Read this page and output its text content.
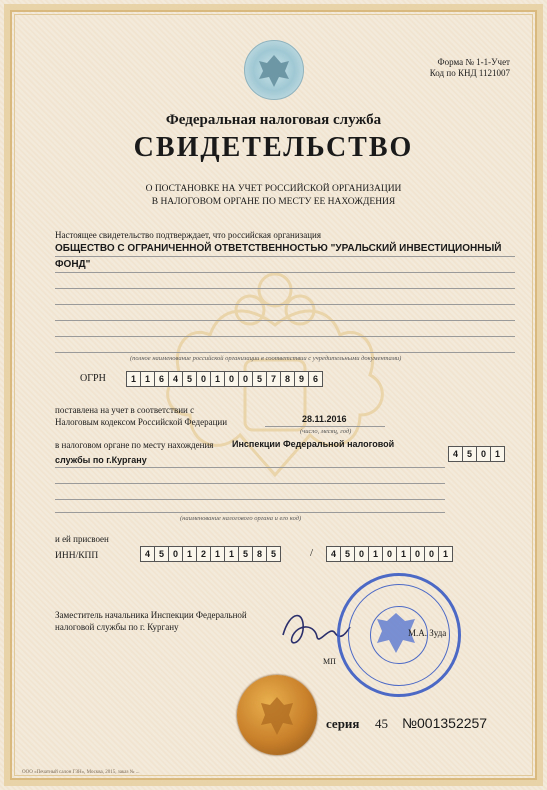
Форма № 1-1-Учет
Код по КНД 1121007
Федеральная налоговая служба
СВИДЕТЕЛЬСТВО
О ПОСТАНОВКЕ НА УЧЕТ РОССИЙСКОЙ ОРГАНИЗАЦИИ
В НАЛОГОВОМ ОРГАНЕ ПО МЕСТУ ЕЕ НАХОЖДЕНИЯ
Настоящее свидетельство подтверждает, что российская организация
ОБЩЕСТВО С ОГРАНИЧЕННОЙ ОТВЕТСТВЕННОСТЬЮ "УРАЛЬСКИЙ ИНВЕСТИЦИОННЫЙ
ФОНД"
(полное наименование российской организации в соответствии с учредительными документами)
ОГРН	1 1 6 4 5 0 1 0 0 5 7 8 9 6
поставлена на учет в соответствии с
Налоговым кодексом Российской Федерации	28.11.2016
(число, месяц, год)
в налоговом органе по месту нахождения Инспекции Федеральной налоговой
службы по г.Кургану
4 5 0 1
(наименование налогового органа и его код)
и ей присвоен
ИНН/КПП	4 5 0 1 2 1 1 5 8 5	/	4 5 0 1 0 1 0 0 1
Заместитель начальника Инспекции Федеральной
налоговой службы по г. Кургану
М.А. Зуда
МП
серия 45 №001352257
ООО «Печатный салон ГЗН», Москва, 2015, заказ № ...
